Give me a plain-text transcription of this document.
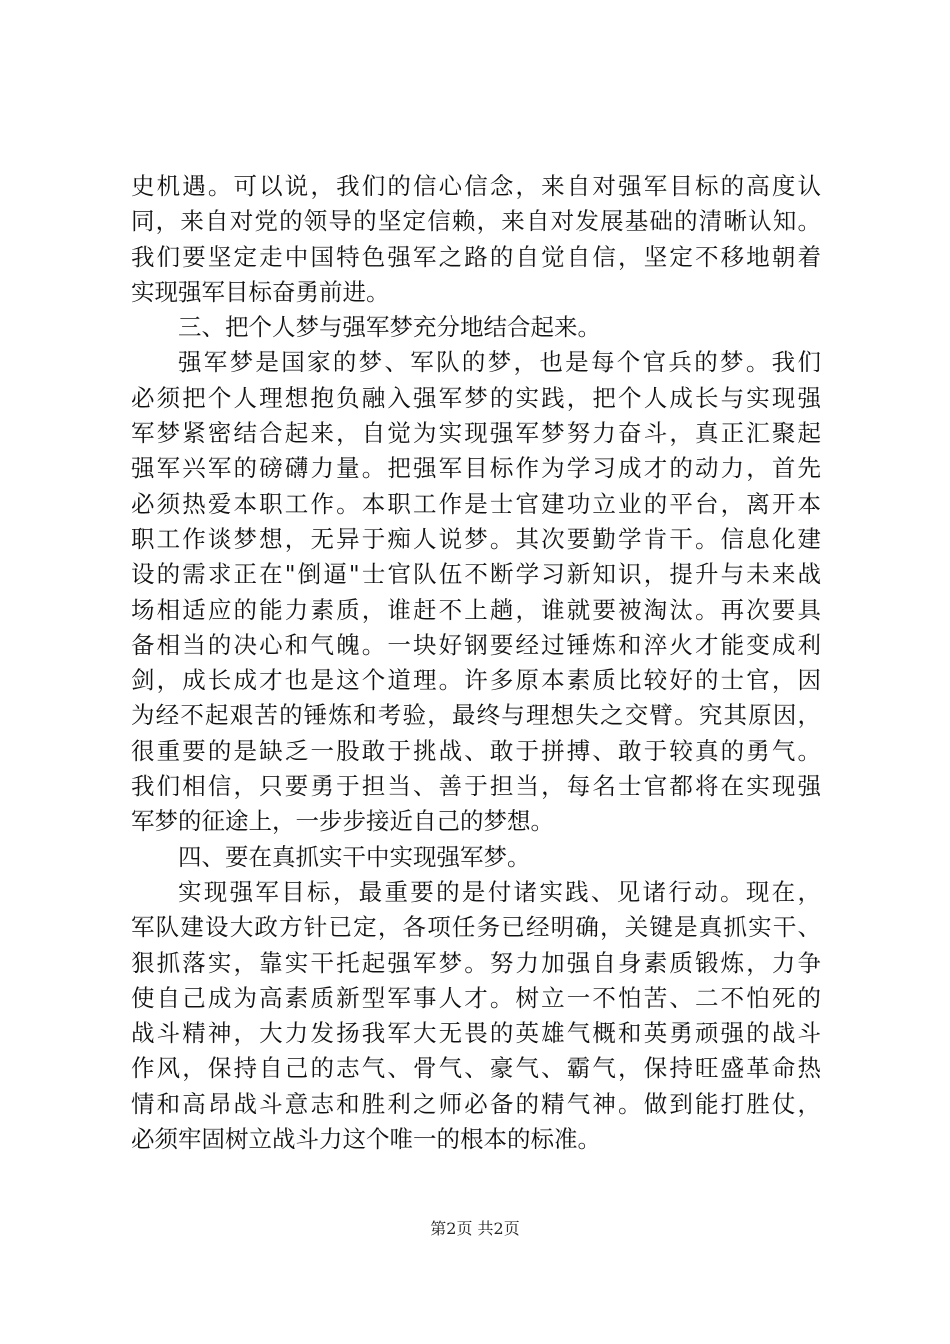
史机遇。可以说，我们的信心信念，来自对强军目标的高度认
同，来自对党的领导的坚定信赖，来自对发展基础的清晰认知。
我们要坚定走中国特色强军之路的自觉自信，坚定不移地朝着
实现强军目标奋勇前进。
三、把个人梦与强军梦充分地结合起来。
强军梦是国家的梦、军队的梦，也是每个官兵的梦。我们
必须把个人理想抱负融入强军梦的实践，把个人成长与实现强
军梦紧密结合起来，自觉为实现强军梦努力奋斗，真正汇聚起
强军兴军的磅礴力量。把强军目标作为学习成才的动力，首先
必须热爱本职工作。本职工作是士官建功立业的平台，离开本
职工作谈梦想，无异于痴人说梦。其次要勤学肯干。信息化建
设的需求正在"倒逼"士官队伍不断学习新知识，提升与未来战
场相适应的能力素质，谁赶不上趟，谁就要被淘汰。再次要具
备相当的决心和气魄。一块好钢要经过锤炼和淬火才能变成利
剑，成长成才也是这个道理。许多原本素质比较好的士官，因
为经不起艰苦的锤炼和考验，最终与理想失之交臂。究其原因，
很重要的是缺乏一股敢于挑战、敢于拼搏、敢于较真的勇气。
我们相信，只要勇于担当、善于担当，每名士官都将在实现强
军梦的征途上，一步步接近自己的梦想。
四、要在真抓实干中实现强军梦。
实现强军目标，最重要的是付诸实践、见诸行动。现在，
军队建设大政方针已定，各项任务已经明确，关键是真抓实干、
狠抓落实，靠实干托起强军梦。努力加强自身素质锻炼，力争
使自己成为高素质新型军事人才。树立一不怕苦、二不怕死的
战斗精神，大力发扬我军大无畏的英雄气概和英勇顽强的战斗
作风，保持自己的志气、骨气、豪气、霸气，保持旺盛革命热
情和高昂战斗意志和胜利之师必备的精气神。做到能打胜仗，
必须牢固树立战斗力这个唯一的根本的标准。
第2页 共2页
